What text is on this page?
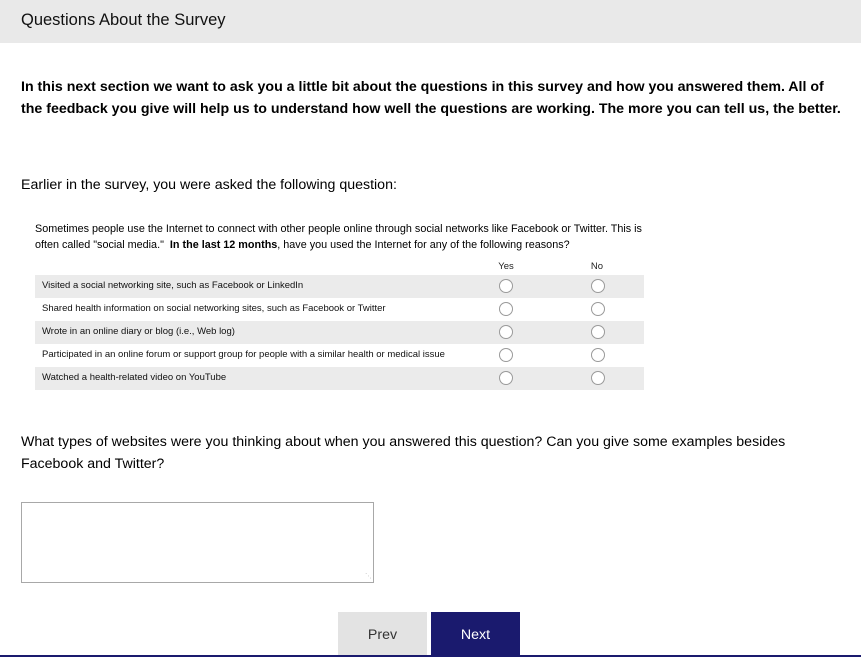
Questions About the Survey
In this next section we want to ask you a little bit about the questions in this survey and how you answered them. All of the feedback you give will help us to understand how well the questions are working. The more you can tell us, the better.
Earlier in the survey, you were asked the following question:
Sometimes people use the Internet to connect with other people online through social networks like Facebook or Twitter. This is often called "social media." In the last 12 months, have you used the Internet for any of the following reasons?
Yes	No
Visited a social networking site, such as Facebook or LinkedIn
Shared health information on social networking sites, such as Facebook or Twitter
Wrote in an online diary or blog (i.e., Web log)
Participated in an online forum or support group for people with a similar health or medical issue
Watched a health-related video on YouTube
What types of websites were you thinking about when you answered this question? Can you give some examples besides Facebook and Twitter?
⋱
Prev	Next
